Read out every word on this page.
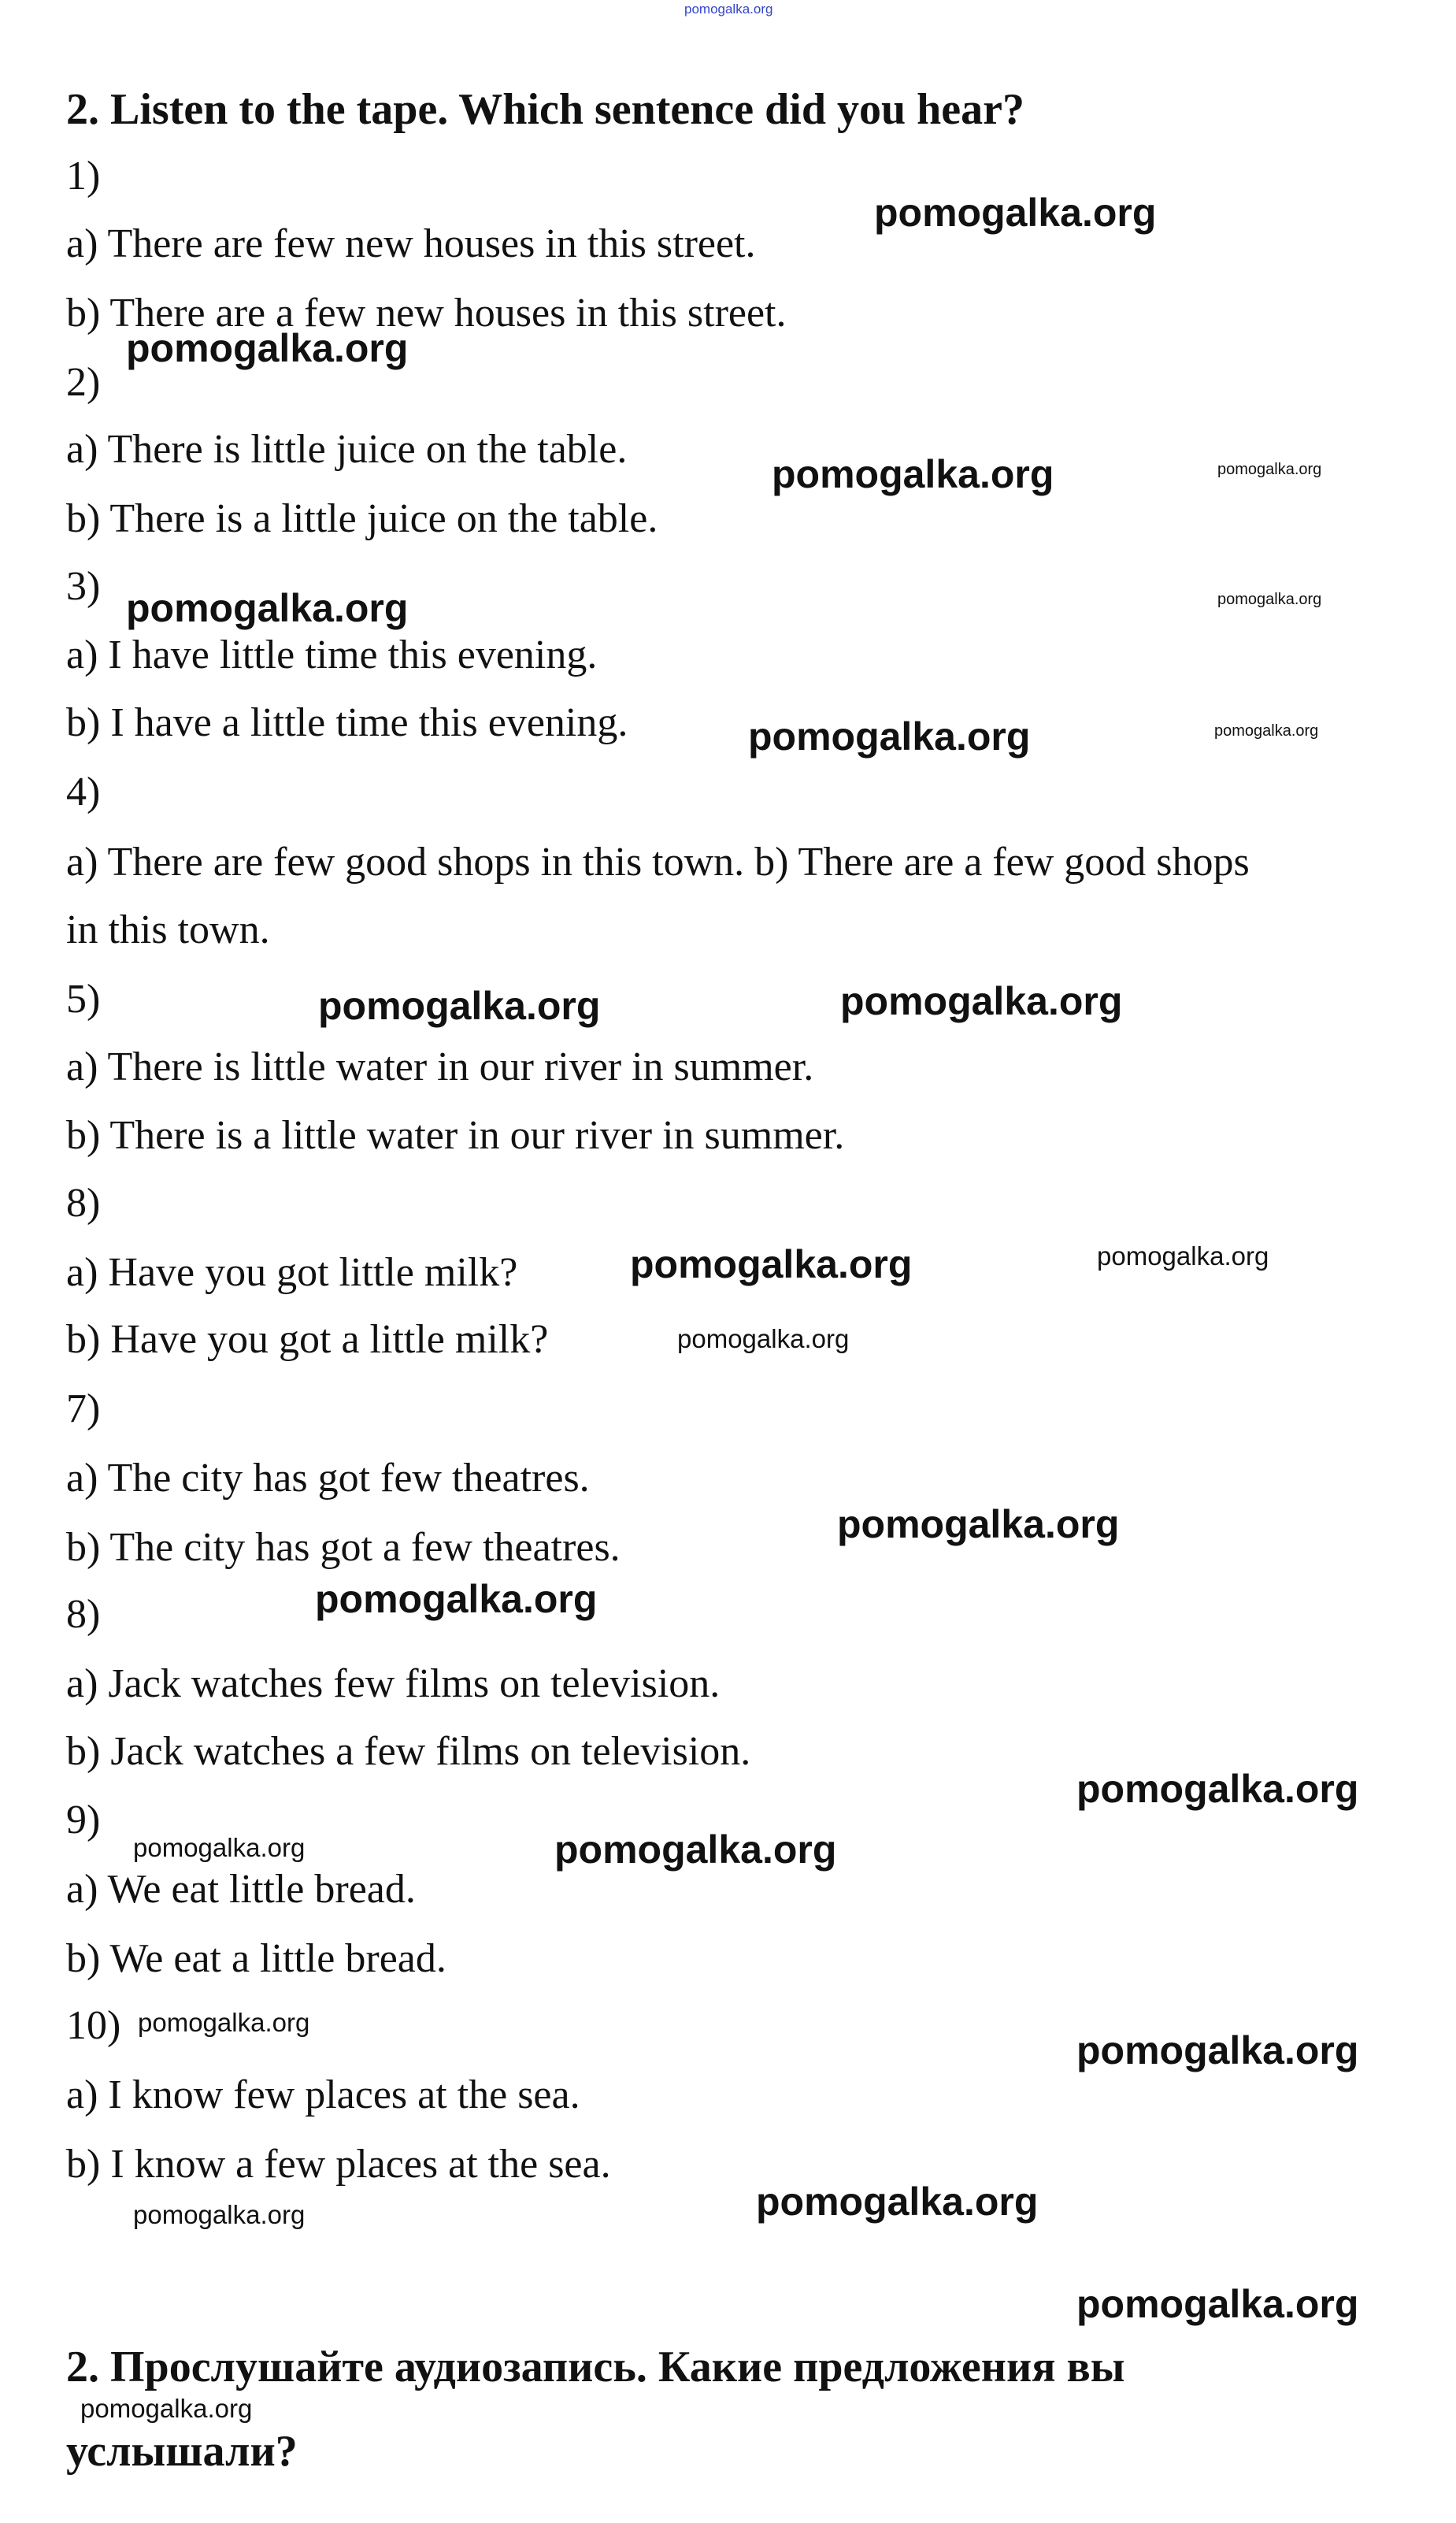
pomogalka.org
2. Listen to the tape. Which sentence did you hear?
1)
a) There are few new houses in this street.
b) There are a few new houses in this street.
2)
a) There is little juice on the table.
b) There is a little juice on the table.
3)
a) I have little time this evening.
b) I have a little time this evening.
4)
a) There are few good shops in this town. b) There are a few good shops
in this town.
5)
a) There is little water in our river in summer.
b) There is a little water in our river in summer.
8)
a) Have you got little milk?
b) Have you got a little milk?
7)
a) The city has got few theatres.
b) The city has got a few theatres.
8)
a) Jack watches few films on television.
b) Jack watches a few films on television.
9)
a) We eat little bread.
b) We eat a little bread.
10)
a) I know few places at the sea.
b) I know a few places at the sea.
2. Прослушайте аудиозапись. Какие предложения вы
услышали?
pomogalka.org
pomogalka.org
pomogalka.org
pomogalka.org
pomogalka.org
pomogalka.org	pomogalka.org
pomogalka.org
pomogalka.org
pomogalka.org
pomogalka.org
pomogalka.org
pomogalka.org
pomogalka.org
pomogalka.org
pomogalka.org
pomogalka.org
pomogalka.org
pomogalka.org
pomogalka.org
pomogalka.org
pomogalka.org
pomogalka.org
pomogalka.org
